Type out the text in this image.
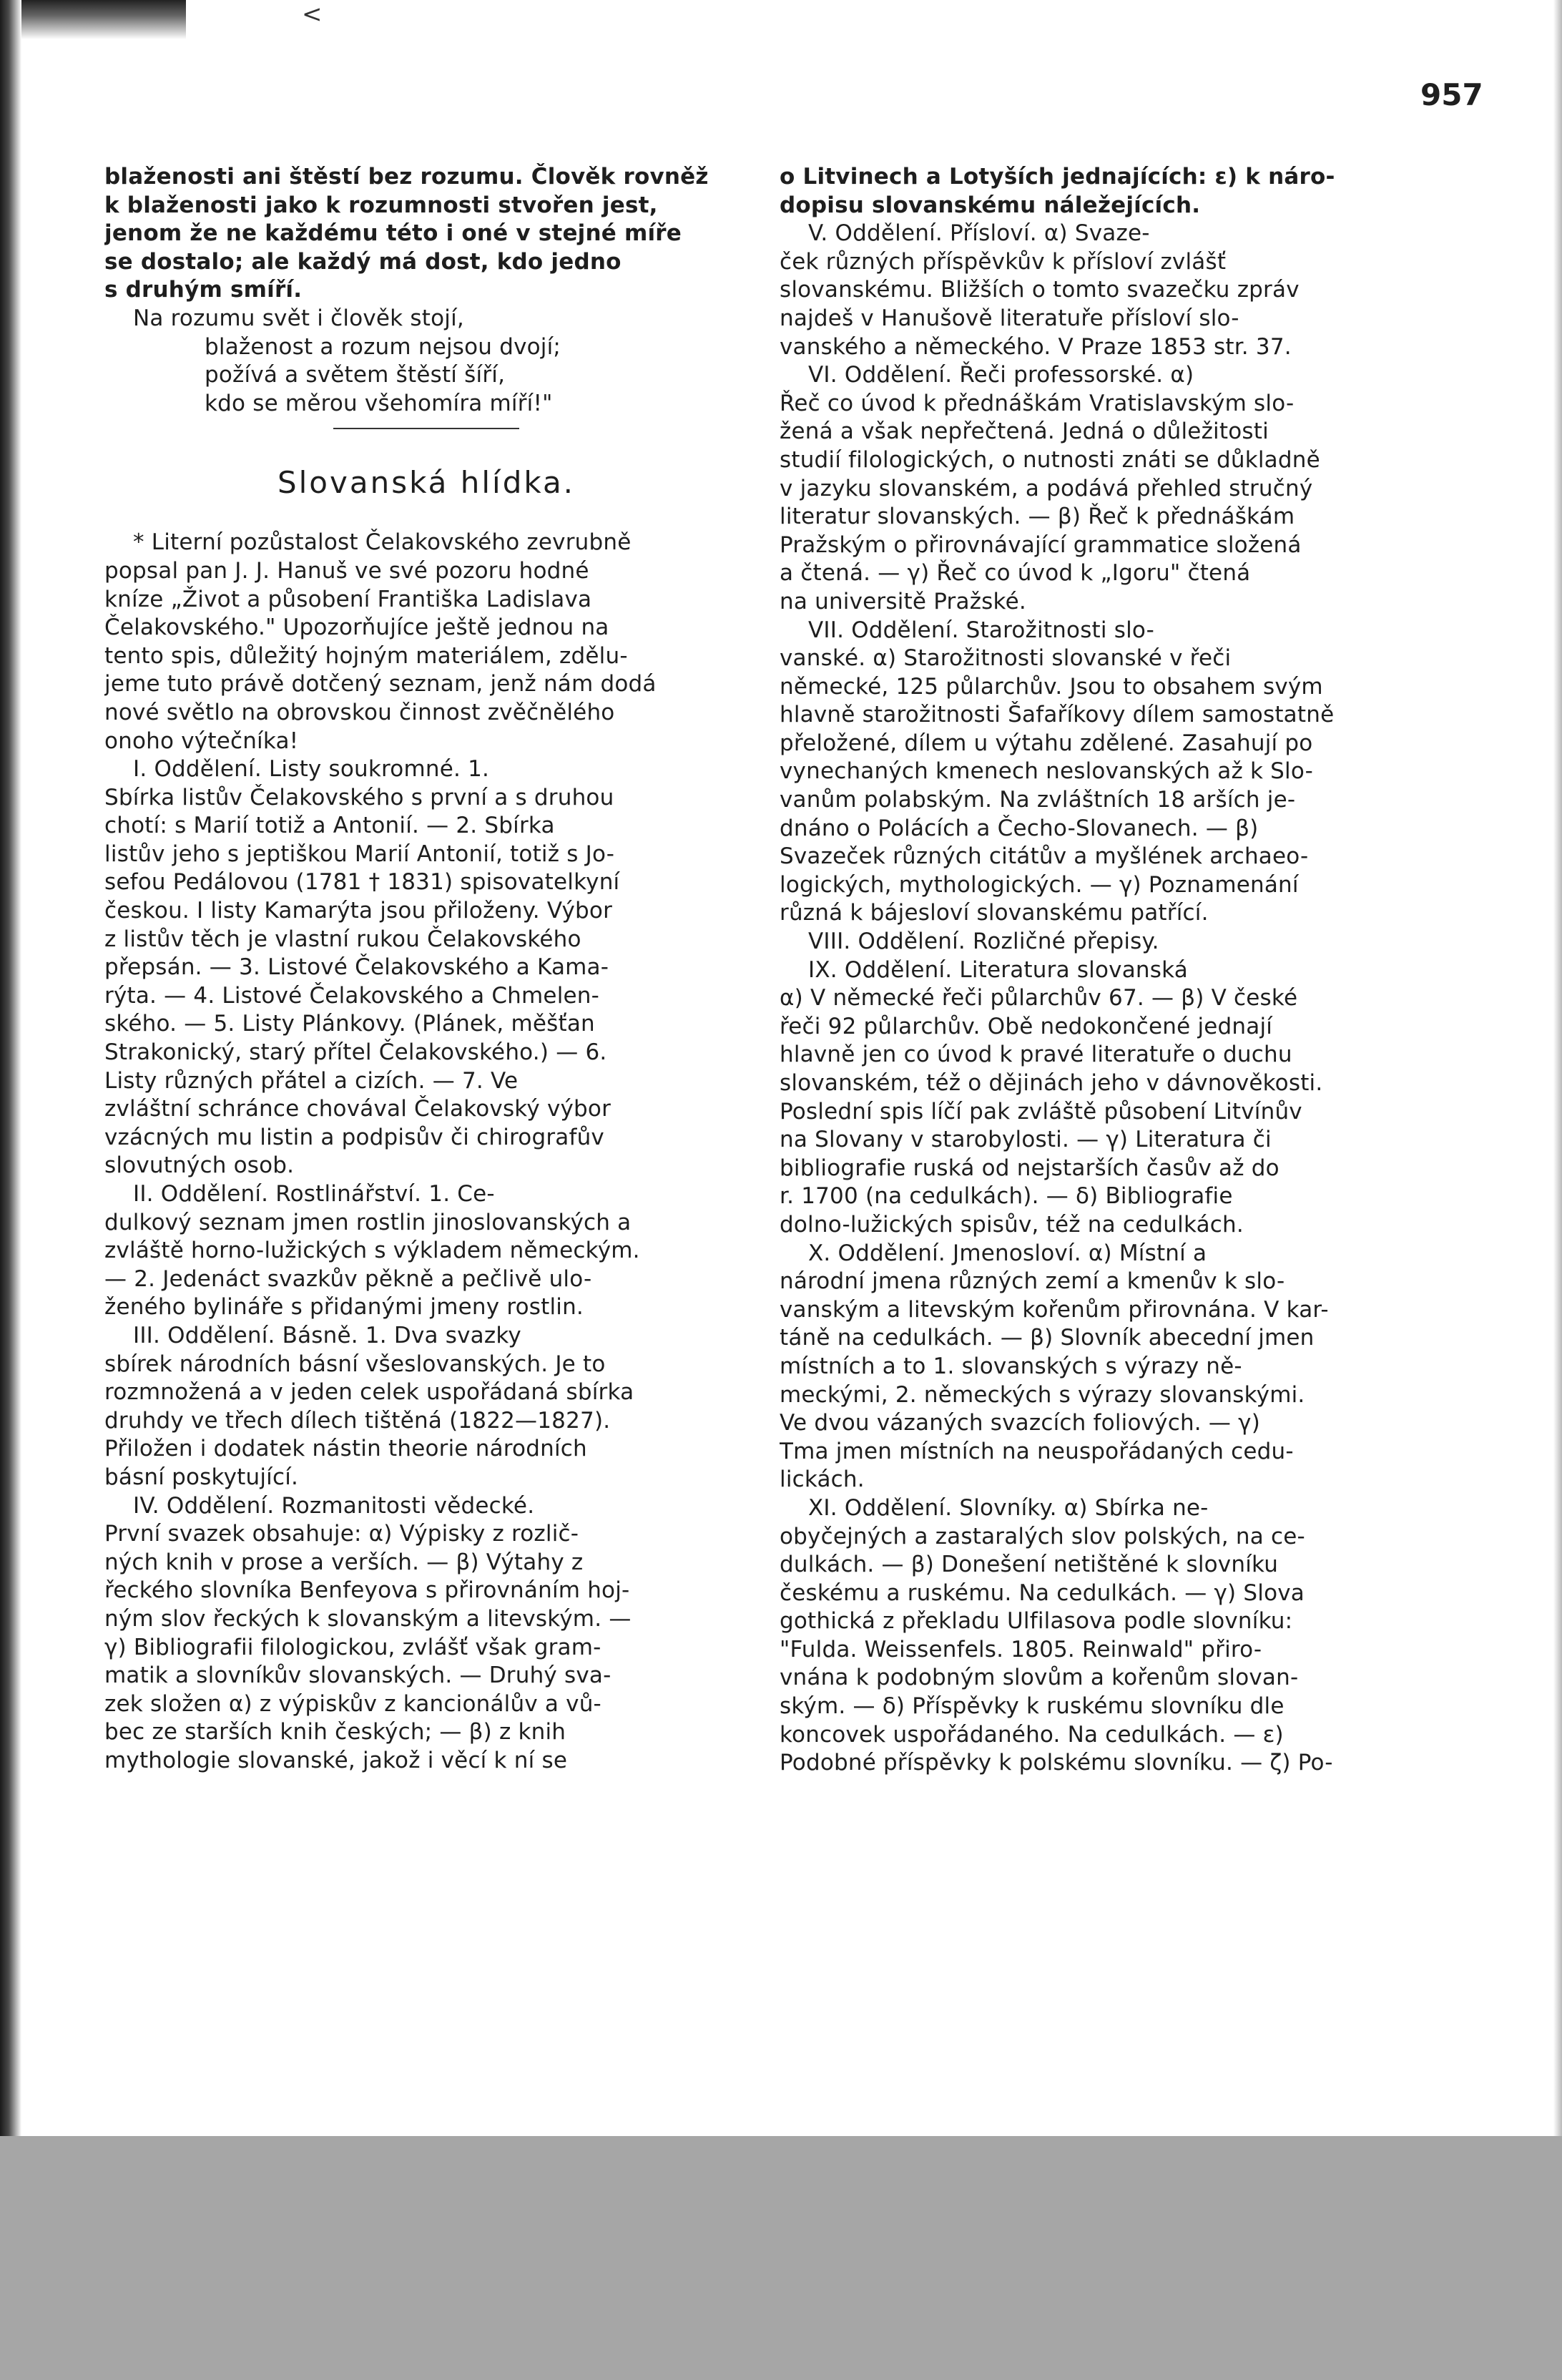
<
957
blaženosti ani štěstí bez rozumu. Člověk rovněž
k blaženosti jako k rozumnosti stvořen jest,
jenom že ne každému této i oné v stejné míře
se dostalo; ale každý má dost, kdo jedno
s druhým smíří.
Na rozumu svět i člověk stojí,
blaženost a rozum nejsou dvojí;
požívá a světem štěstí šíří,
kdo se měrou všehomíra míří!"
Slovanská hlídka.
* Literní pozůstalost Čelakovského zevrubně
popsal pan J. J. Hanuš ve své pozoru hodné
kníze „Život a působení Františka Ladislava
Čelakovského." Upozorňujíce ještě jednou na
tento spis, důležitý hojným materiálem, zdělu-
jeme tuto právě dotčený seznam, jenž nám dodá
nové světlo na obrovskou činnost zvěčnělého
onoho výtečníka!
I. Oddělení. Listy soukromné. 1.
Sbírka listův Čelakovského s první a s druhou
chotí: s Marií totiž a Antonií. — 2. Sbírka
listův jeho s jeptiškou Marií Antonií, totiž s Jo-
sefou Pedálovou (1781 † 1831) spisovatelkyní
českou. I listy Kamarýta jsou přiloženy. Výbor
z listův těch je vlastní rukou Čelakovského
přepsán. — 3. Listové Čelakovského a Kama-
rýta. — 4. Listové Čelakovského a Chmelen-
ského. — 5. Listy Plánkovy. (Plánek, měšťan
Strakonický, starý přítel Čelakovského.) — 6.
Listy různých přátel a cizích. — 7. Ve
zvláštní schránce chovával Čelakovský výbor
vzácných mu listin a podpisův či chirografův
slovutných osob.
II. Oddělení. Rostlinářství. 1. Ce-
dulkový seznam jmen rostlin jinoslovanských a
zvláště horno-lužických s výkladem německým.
— 2. Jedenáct svazkův pěkně a pečlivě ulo-
ženého bylináře s přidanými jmeny rostlin.
III. Oddělení. Básně. 1. Dva svazky
sbírek národních básní všeslovanských. Je to
rozmnožená a v jeden celek uspořádaná sbírka
druhdy ve třech dílech tištěná (1822—1827).
Přiložen i dodatek nástin theorie národních
básní poskytující.
IV. Oddělení. Rozmanitosti vědecké.
První svazek obsahuje: α) Výpisky z rozlič-
ných knih v prose a verších. — β) Výtahy z
řeckého slovníka Benfeyova s přirovnáním hoj-
ným slov řeckých k slovanským a litevským. —
γ) Bibliografii filologickou, zvlášť však gram-
matik a slovníkův slovanských. — Druhý sva-
zek složen α) z výpiskův z kancionálův a vů-
bec ze starších knih českých; — β) z knih
mythologie slovanské, jakož i věcí k ní se
o Litvinech a Lotyších jednajících: ε) k náro-
dopisu slovanskému náležejících.
V. Oddělení. Přísloví. α) Svaze-
ček různých příspěvkův k přísloví zvlášť
slovanskému. Bližších o tomto svazečku zpráv
najdeš v Hanušově literatuře přísloví slo-
vanského a německého. V Praze 1853 str. 37.
VI. Oddělení. Řeči professorské. α)
Řeč co úvod k přednáškám Vratislavským slo-
žená a však nepřečtená. Jedná o důležitosti
studií filologických, o nutnosti znáti se důkladně
v jazyku slovanském, a podává přehled stručný
literatur slovanských. — β) Řeč k přednáškám
Pražským o přirovnávající grammatice složená
a čtená. — γ) Řeč co úvod k „Igoru" čtená
na universitě Pražské.
VII. Oddělení. Starožitnosti slo-
vanské. α) Starožitnosti slovanské v řeči
německé, 125 půlarchův. Jsou to obsahem svým
hlavně starožitnosti Šafaříkovy dílem samostatně
přeložené, dílem u výtahu zdělené. Zasahují po
vynechaných kmenech neslovanských až k Slo-
vanům polabským. Na zvláštních 18 arších je-
dnáno o Polácích a Čecho-Slovanech. — β)
Svazeček různých citátův a myšlének archaeo-
logických, mythologických. — γ) Poznamenání
různá k bájesloví slovanskému patřící.
VIII. Oddělení. Rozličné přepisy.
IX. Oddělení. Literatura slovanská
α) V německé řeči půlarchův 67. — β) V české
řeči 92 půlarchův. Obě nedokončené jednají
hlavně jen co úvod k pravé literatuře o duchu
slovanském, též o dějinách jeho v dávnověkosti.
Poslední spis líčí pak zvláště působení Litvínův
na Slovany v starobylosti. — γ) Literatura či
bibliografie ruská od nejstarších časův až do
r. 1700 (na cedulkách). — δ) Bibliografie
dolno-lužických spisův, též na cedulkách.
X. Oddělení. Jmenosloví. α) Místní a
národní jmena různých zemí a kmenův k slo-
vanským a litevským kořenům přirovnána. V kar-
táně na cedulkách. — β) Slovník abecední jmen
místních a to 1. slovanských s výrazy ně-
meckými, 2. německých s výrazy slovanskými.
Ve dvou vázaných svazcích foliových. — γ)
Tma jmen místních na neuspořádaných cedu-
lickách.
XI. Oddělení. Slovníky. α) Sbírka ne-
obyčejných a zastaralých slov polských, na ce-
dulkách. — β) Donešení netištěné k slovníku
českému a ruskému. Na cedulkách. — γ) Slova
gothická z překladu Ulfilasova podle slovníku:
"Fulda. Weissenfels. 1805. Reinwald" přiro-
vnána k podobným slovům a kořenům slovan-
ským. — δ) Příspěvky k ruskému slovníku dle
koncovek uspořádaného. Na cedulkách. — ε)
Podobné příspěvky k polskému slovníku. — ζ) Po-
